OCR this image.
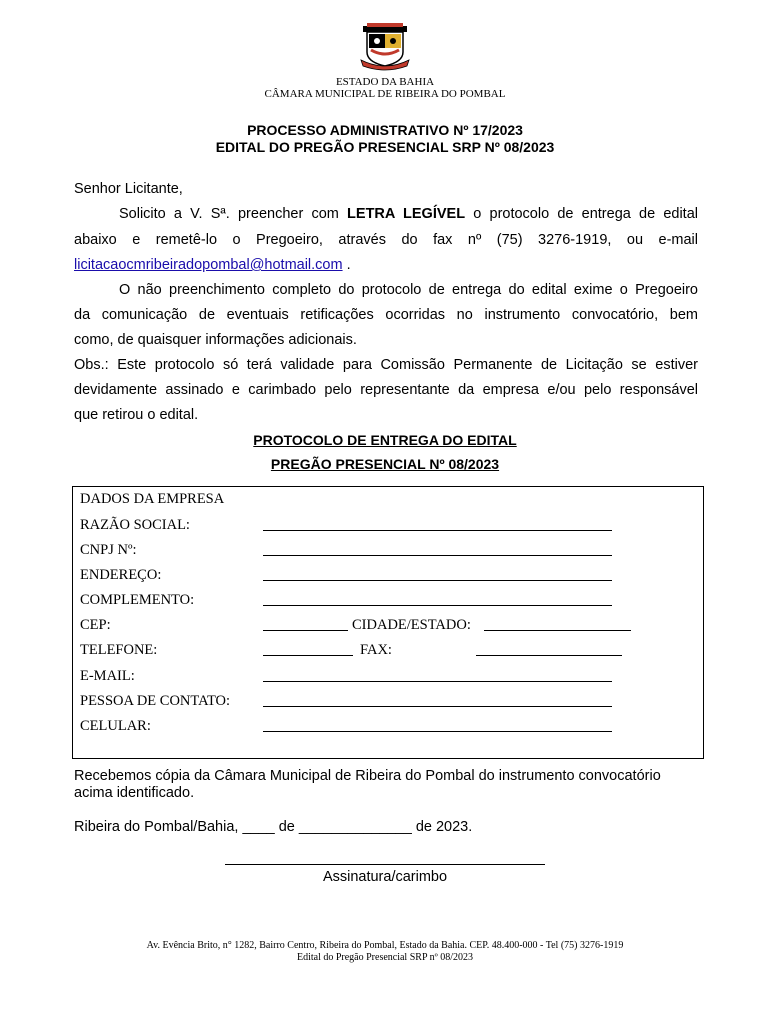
ESTADO DA BAHIA
CÂMARA MUNICIPAL DE RIBEIRA DO POMBAL
PROCESSO ADMINISTRATIVO Nº 17/2023
EDITAL DO PREGÃO PRESENCIAL SRP Nº 08/2023
Senhor Licitante,
Solicito a V. Sª. preencher com LETRA LEGÍVEL o protocolo de entrega de edital
abaixo e remetê-lo o Pregoeiro, através do fax nº (75) 3276-1919, ou e-mail
licitacaocmribeiradopombal@hotmail.com .
O não preenchimento completo do protocolo de entrega do edital exime o Pregoeiro
da comunicação de eventuais retificações ocorridas no instrumento convocatório, bem
como, de quaisquer informações adicionais.
Obs.: Este protocolo só terá validade para Comissão Permanente de Licitação se estiver
devidamente assinado e carimbado pelo representante da empresa e/ou pelo responsável
que retirou o edital.
PROTOCOLO DE ENTREGA DO EDITAL
PREGÃO PRESENCIAL Nº 08/2023
DADOS DA EMPRESA
RAZÃO SOCIAL:
CNPJ Nº:
ENDEREÇO:
COMPLEMENTO:
CEP:	CIDADE/ESTADO:
TELEFONE:	FAX:
E-MAIL:
PESSOA DE CONTATO:
CELULAR:
Recebemos cópia da Câmara Municipal de Ribeira do Pombal do instrumento convocatório
acima identificado.
Ribeira do Pombal/Bahia, ____ de ______________ de 2023.
Assinatura/carimbo
Av. Evência Brito, n° 1282, Bairro Centro, Ribeira do Pombal, Estado da Bahia. CEP. 48.400-000 - Tel (75) 3276-1919
Edital do Pregão Presencial SRP nº 08/2023
